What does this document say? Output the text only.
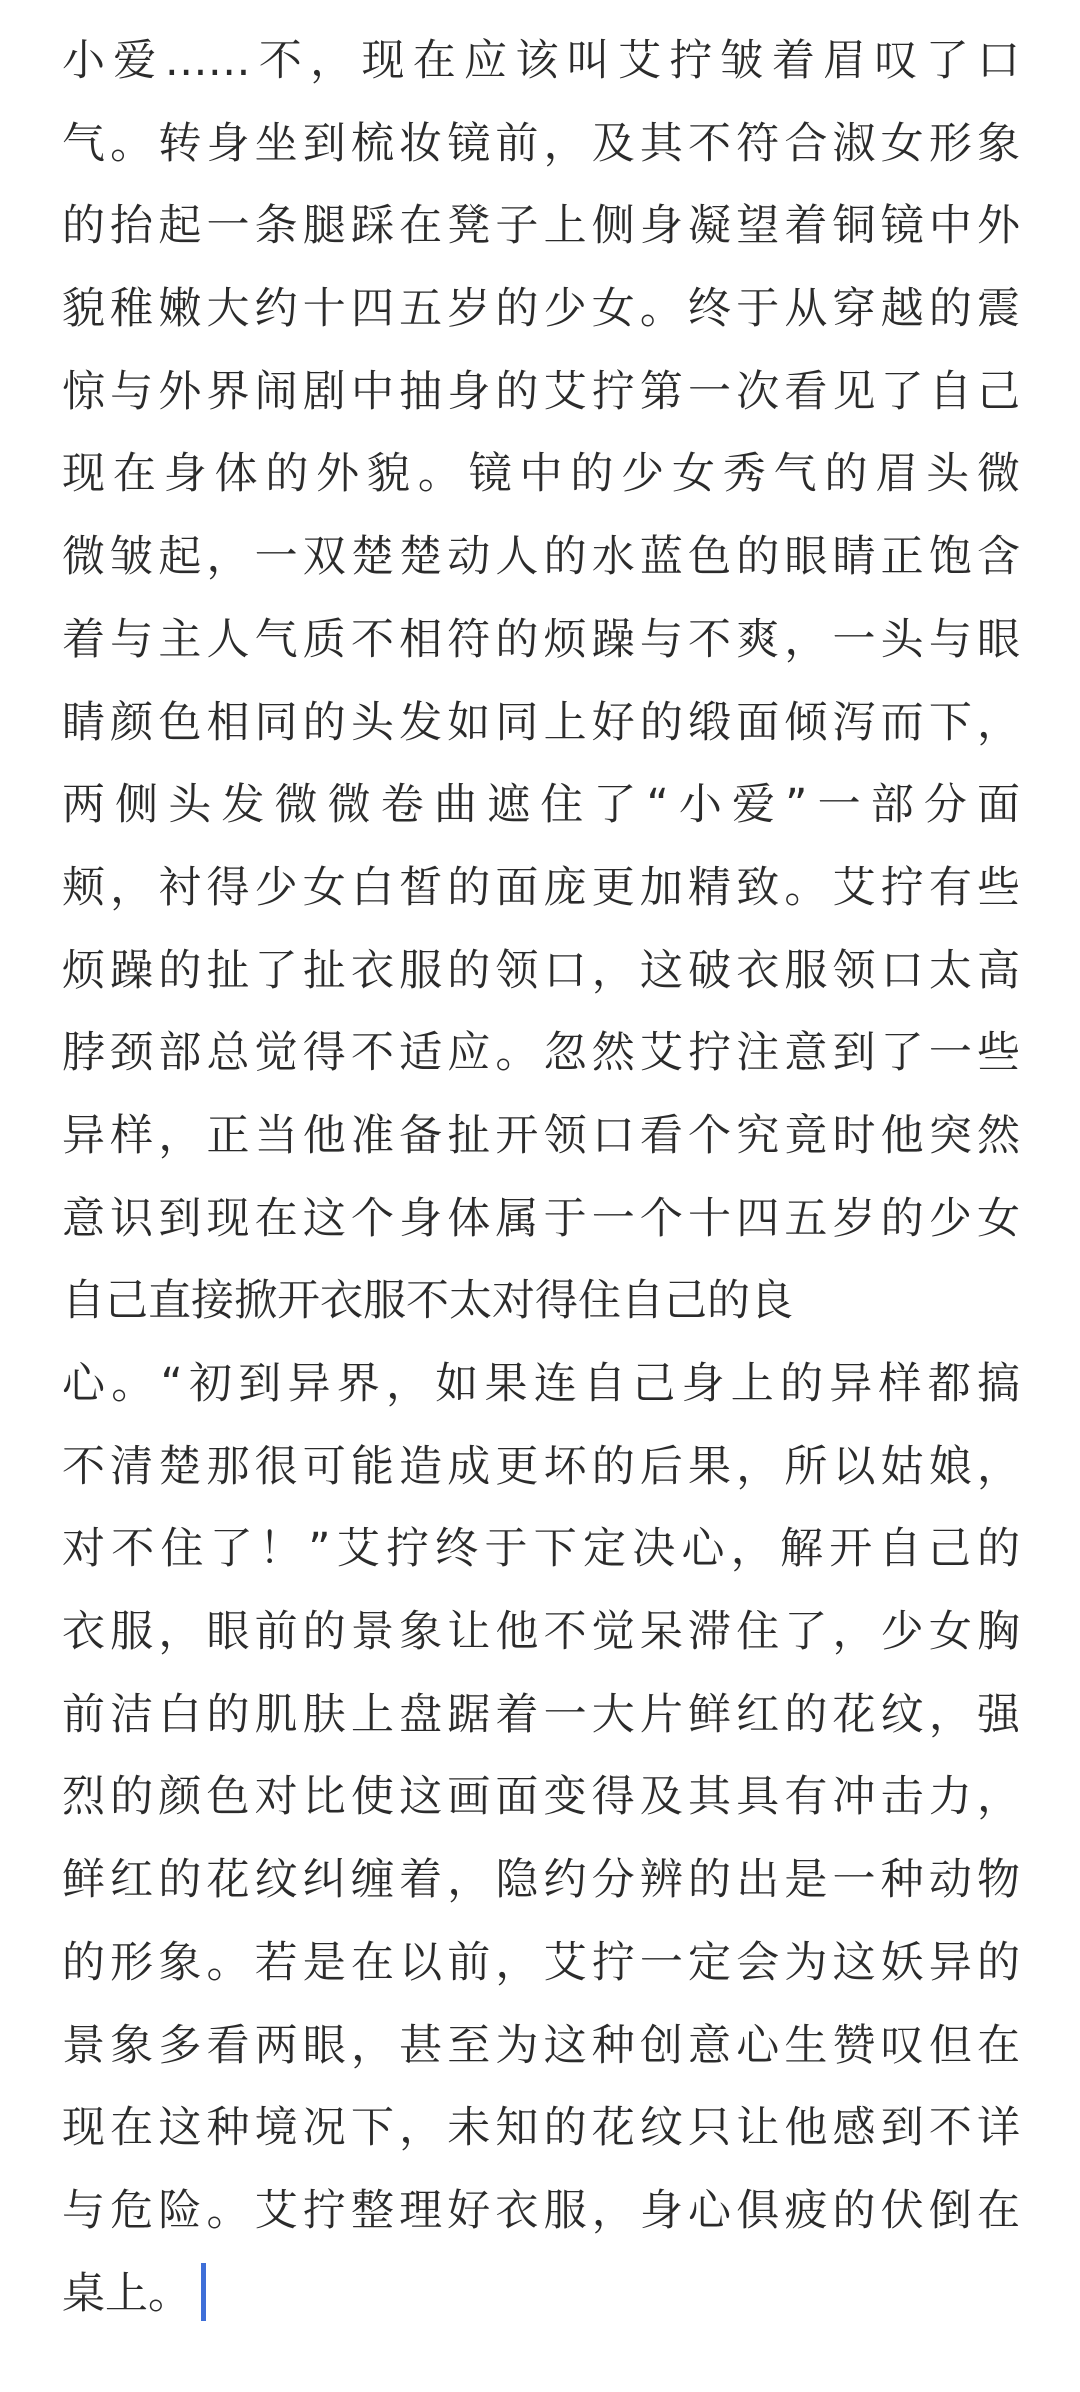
小爱……不，现在应该叫艾拧皱着眉叹了口
气。转身坐到梳妆镜前，及其不符合淑女形象
的抬起一条腿踩在凳子上侧身凝望着铜镜中外
貌稚嫩大约十四五岁的少女。终于从穿越的震
惊与外界闹剧中抽身的艾拧第一次看见了自己
现在身体的外貌。镜中的少女秀气的眉头微
微皱起，一双楚楚动人的水蓝色的眼睛正饱含
着与主人气质不相符的烦躁与不爽，一头与眼
睛颜色相同的头发如同上好的缎面倾泻而下，
两侧头发微微卷曲遮住了“小爱”一部分面
颊，衬得少女白皙的面庞更加精致。艾拧有些
烦躁的扯了扯衣服的领口，这破衣服领口太高
脖颈部总觉得不适应。忽然艾拧注意到了一些
异样，正当他准备扯开领口看个究竟时他突然
意识到现在这个身体属于一个十四五岁的少女
自己直接掀开衣服不太对得住自己的良
心。“初到异界，如果连自己身上的异样都搞
不清楚那很可能造成更坏的后果，所以姑娘，
对不住了！”艾拧终于下定决心，解开自己的
衣服，眼前的景象让他不觉呆滞住了，少女胸
前洁白的肌肤上盘踞着一大片鲜红的花纹，强
烈的颜色对比使这画面变得及其具有冲击力，
鲜红的花纹纠缠着，隐约分辨的出是一种动物
的形象。若是在以前，艾拧一定会为这妖异的
景象多看两眼，甚至为这种创意心生赞叹但在
现在这种境况下，未知的花纹只让他感到不详
与危险。艾拧整理好衣服，身心俱疲的伏倒在
桌上。
